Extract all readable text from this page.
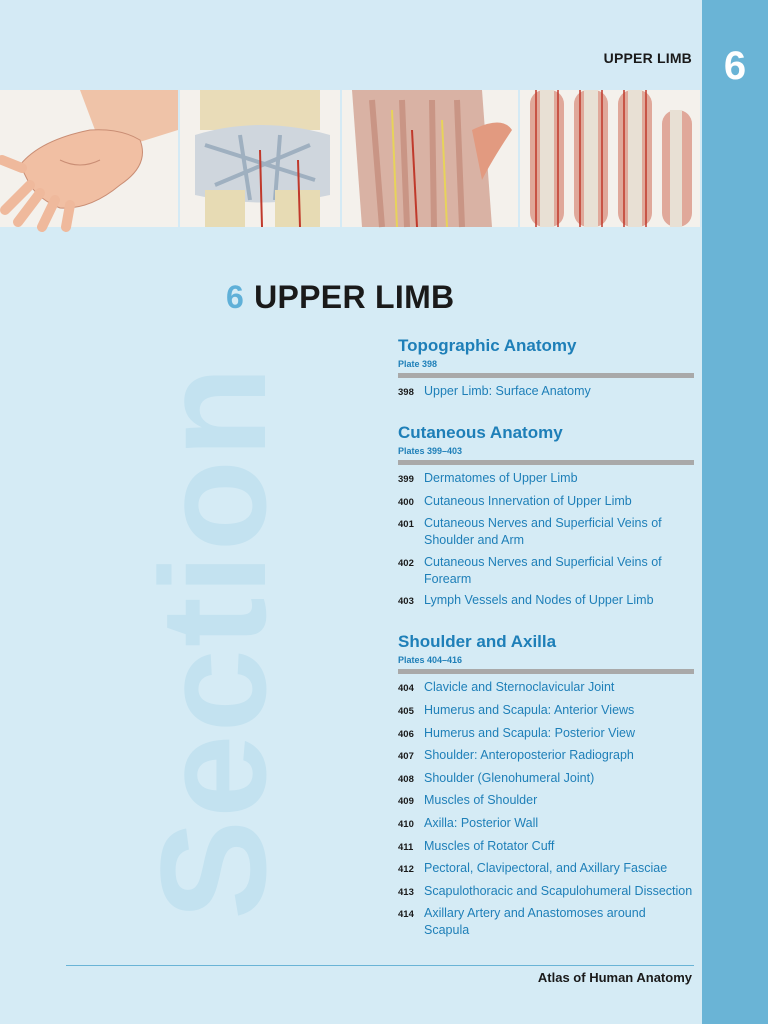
6
UPPER LIMB
Section
6 UPPER LIMB
Topographic Anatomy
Plate 398
398 Upper Limb: Surface Anatomy
Cutaneous Anatomy
Plates 399–403
399 Dermatomes of Upper Limb
400 Cutaneous Innervation of Upper Limb
401 Cutaneous Nerves and Superficial Veins of Shoulder and Arm
402 Cutaneous Nerves and Superficial Veins of Forearm
403 Lymph Vessels and Nodes of Upper Limb
Shoulder and Axilla
Plates 404–416
404 Clavicle and Sternoclavicular Joint
405 Humerus and Scapula: Anterior Views
406 Humerus and Scapula: Posterior View
407 Shoulder: Anteroposterior Radiograph
408 Shoulder (Glenohumeral Joint)
409 Muscles of Shoulder
410 Axilla: Posterior Wall
411 Muscles of Rotator Cuff
412 Pectoral, Clavipectoral, and Axillary Fasciae
413 Scapulothoracic and Scapulohumeral Dissection
414 Axillary Artery and Anastomoses around Scapula
Atlas of Human Anatomy
